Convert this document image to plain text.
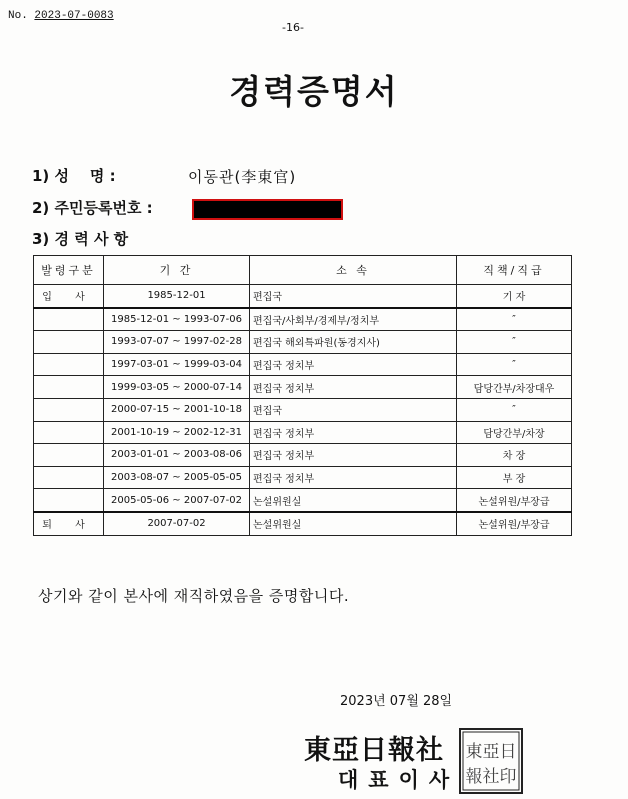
No. 2023-07-0083
-16-
경력증명서
1) 성    명 :	이동관(李東官)
2) 주민등록번호 :
3) 경 력 사 항
발령구분	기 간	소 속	직책/직급
입 사	1985-12-01	편집국	기 자
	1985-12-01 ~ 1993-07-06	편집국/사회부/경제부/정치부	″
	1993-07-07 ~ 1997-02-28	편집국 해외특파원(동경지사)	″
	1997-03-01 ~ 1999-03-04	편집국 정치부	″
	1999-03-05 ~ 2000-07-14	편집국 정치부	담당간부/차장대우
	2000-07-15 ~ 2001-10-18	편집국	″
	2001-10-19 ~ 2002-12-31	편집국 정치부	담당간부/차장
	2003-01-01 ~ 2003-08-06	편집국 정치부	차 장
	2003-08-07 ~ 2005-05-05	편집국 정치부	부 장
	2005-05-06 ~ 2007-07-02	논설위원실	논설위원/부장급
퇴 사	2007-07-02	논설위원실	논설위원/부장급
상기와 같이 본사에 재직하였음을 증명합니다.
2023년 07월 28일
東亞日報社
대표이사
東亞日
報社印
